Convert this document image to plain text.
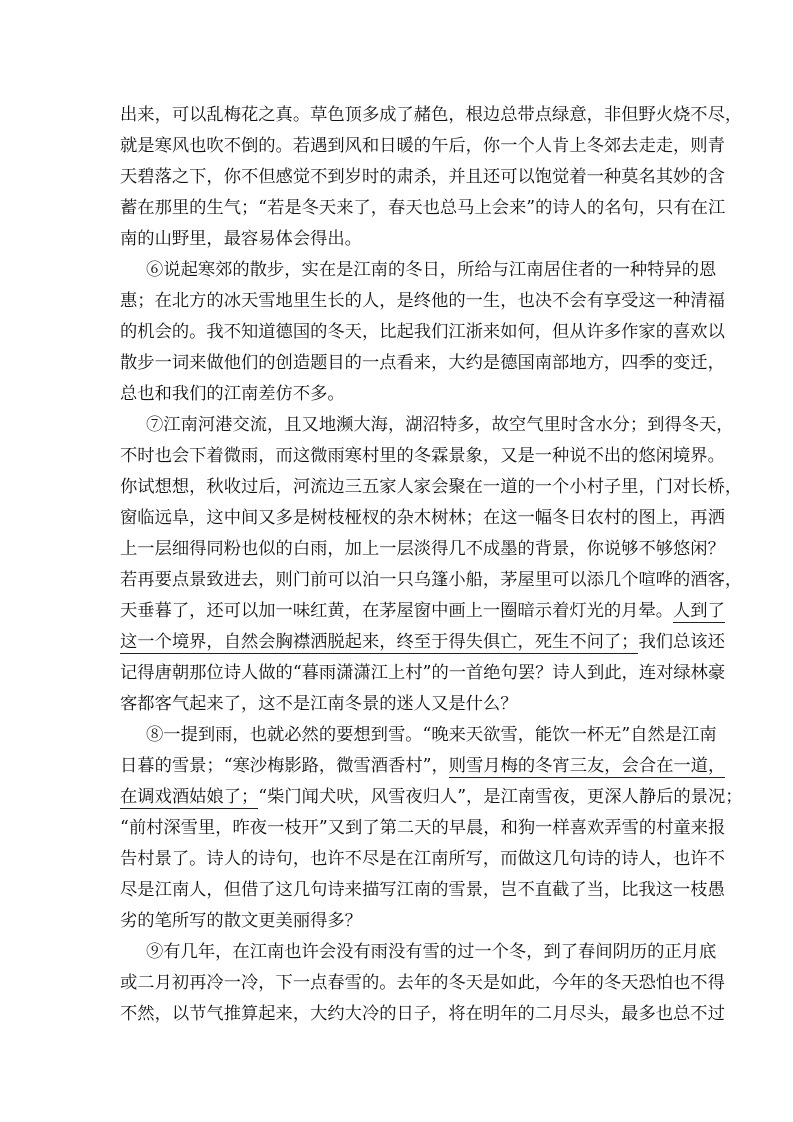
出来，可以乱梅花之真。草色顶多成了赭色，根边总带点绿意，非但野火烧不尽，
就是寒风也吹不倒的。若遇到风和日暖的午后，你一个人肯上冬郊去走走，则青
天碧落之下，你不但感觉不到岁时的肃杀，并且还可以饱觉着一种莫名其妙的含
蓄在那里的生气；“若是冬天来了，春天也总马上会来”的诗人的名句，只有在江
南的山野里，最容易体会得出。
⑥说起寒郊的散步，实在是江南的冬日，所给与江南居住者的一种特异的恩
惠；在北方的冰天雪地里生长的人，是终他的一生，也决不会有享受这一种清福
的机会的。我不知道德国的冬天，比起我们江浙来如何，但从许多作家的喜欢以
散步一词来做他们的创造题目的一点看来，大约是德国南部地方，四季的变迁，
总也和我们的江南差仿不多。
⑦江南河港交流，且又地濒大海，湖沼特多，故空气里时含水分；到得冬天，
不时也会下着微雨，而这微雨寒村里的冬霖景象，又是一种说不出的悠闲境界。
你试想想，秋收过后，河流边三五家人家会聚在一道的一个小村子里，门对长桥，
窗临远阜，这中间又多是树枝桠杈的杂木树林；在这一幅冬日农村的图上，再洒
上一层细得同粉也似的白雨，加上一层淡得几不成墨的背景，你说够不够悠闲？
若再要点景致进去，则门前可以泊一只乌篷小船，茅屋里可以添几个喧哗的酒客，
天垂暮了，还可以加一味红黄，在茅屋窗中画上一圈暗示着灯光的月晕。人到了
这一个境界，自然会胸襟洒脱起来，终至于得失俱亡，死生不问了；我们总该还
记得唐朝那位诗人做的“暮雨潇潇江上村”的一首绝句罢？诗人到此，连对绿林豪
客都客气起来了，这不是江南冬景的迷人又是什么？
⑧一提到雨，也就必然的要想到雪。“晚来天欲雪，能饮一杯无”自然是江南
日暮的雪景；“寒沙梅影路，微雪酒香村”，则雪月梅的冬宵三友，会合在一道，
在调戏酒姑娘了；“柴门闻犬吠，风雪夜归人”，是江南雪夜，更深人静后的景况；
“前村深雪里，昨夜一枝开”又到了第二天的早晨，和狗一样喜欢弄雪的村童来报
告村景了。诗人的诗句，也许不尽是在江南所写，而做这几句诗的诗人，也许不
尽是江南人，但借了这几句诗来描写江南的雪景，岂不直截了当，比我这一枝愚
劣的笔所写的散文更美丽得多？
⑨有几年，在江南也许会没有雨没有雪的过一个冬，到了春间阴历的正月底
或二月初再冷一冷，下一点春雪的。去年的冬天是如此，今年的冬天恐怕也不得
不然，以节气推算起来，大约大冷的日子，将在明年的二月尽头，最多也总不过
